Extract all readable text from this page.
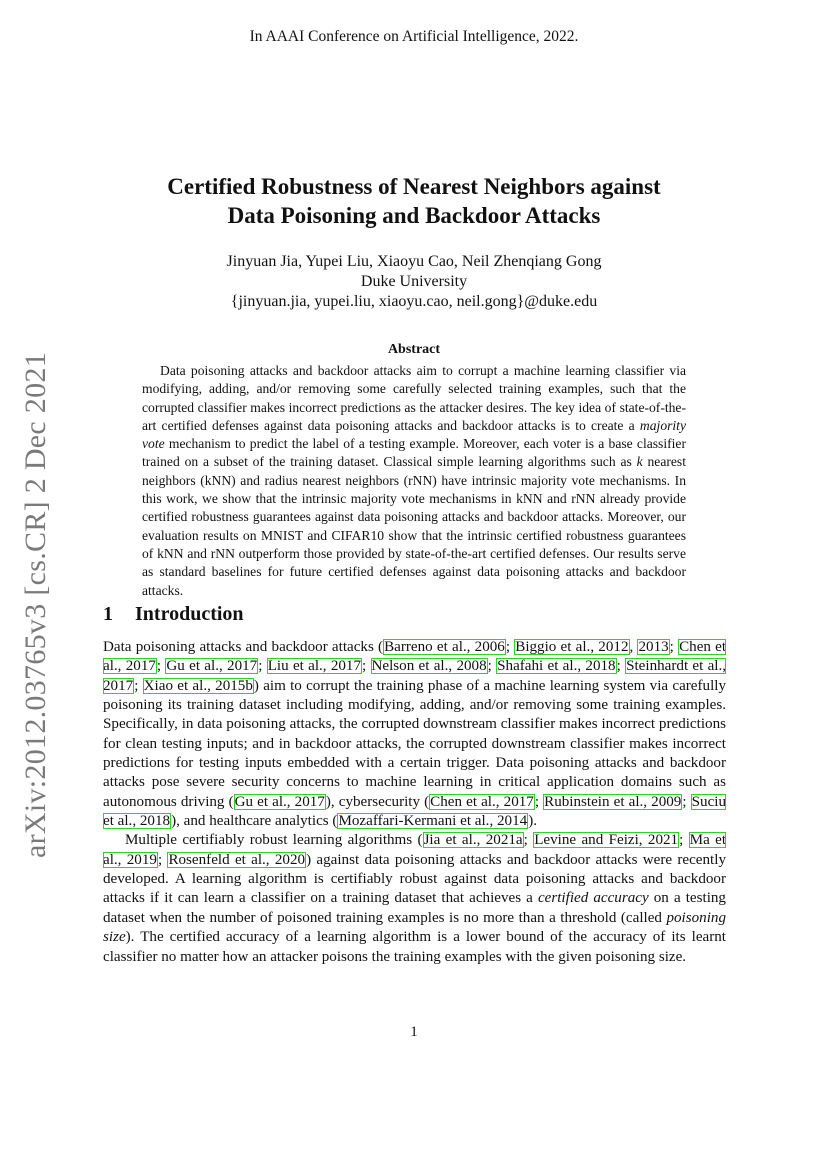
In AAAI Conference on Artificial Intelligence, 2022.
arXiv:2012.03765v3 [cs.CR] 2 Dec 2021
Certified Robustness of Nearest Neighbors against
Data Poisoning and Backdoor Attacks
Jinyuan Jia, Yupei Liu, Xiaoyu Cao, Neil Zhenqiang Gong
Duke University
{jinyuan.jia, yupei.liu, xiaoyu.cao, neil.gong}@duke.edu
Abstract

Data poisoning attacks and backdoor attacks aim to corrupt a machine learning classifier via modifying, adding, and/or removing some carefully selected training examples, such that the corrupted classifier makes incorrect predictions as the attacker desires. The key idea of state-of-the-art certified defenses against data poisoning attacks and backdoor attacks is to create a majority vote mechanism to predict the label of a testing example. Moreover, each voter is a base classifier trained on a subset of the training dataset. Classical simple learning algorithms such as k nearest neighbors (kNN) and radius nearest neighbors (rNN) have intrinsic majority vote mechanisms. In this work, we show that the intrinsic majority vote mechanisms in kNN and rNN already provide certified robustness guarantees against data poisoning attacks and backdoor attacks. Moreover, our evaluation results on MNIST and CIFAR10 show that the intrinsic certified robustness guarantees of kNN and rNN outperform those provided by state-of-the-art certified defenses. Our results serve as standard baselines for future certified defenses against data poisoning attacks and backdoor attacks.

1 Introduction

Data poisoning attacks and backdoor attacks (Barreno et al., 2006; Biggio et al., 2012, 2013; Chen et al., 2017; Gu et al., 2017; Liu et al., 2017; Nelson et al., 2008; Shafahi et al., 2018; Steinhardt et al., 2017; Xiao et al., 2015b) aim to corrupt the training phase of a machine learning system via carefully poisoning its training dataset including modifying, adding, and/or removing some training examples. Specifically, in data poisoning attacks, the corrupted downstream classifier makes incorrect predictions for clean testing inputs; and in backdoor attacks, the corrupted downstream classifier makes incorrect predictions for testing inputs embedded with a certain trigger. Data poisoning attacks and backdoor attacks pose severe security concerns to machine learning in critical application domains such as autonomous driving (Gu et al., 2017), cybersecurity (Chen et al., 2017; Rubinstein et al., 2009; Suciu et al., 2018), and healthcare analytics (Mozaffari-Kermani et al., 2014).

Multiple certifiably robust learning algorithms (Jia et al., 2021a; Levine and Feizi, 2021; Ma et al., 2019; Rosenfeld et al., 2020) against data poisoning attacks and backdoor attacks were recently developed. A learning algorithm is certifiably robust against data poisoning attacks and backdoor attacks if it can learn a classifier on a training dataset that achieves a certified accuracy on a testing dataset when the number of poisoned training examples is no more than a threshold (called poisoning size). The certified accuracy of a learning algorithm is a lower bound of the accuracy of its learnt classifier no matter how an attacker poisons the training examples with the given poisoning size.

1
